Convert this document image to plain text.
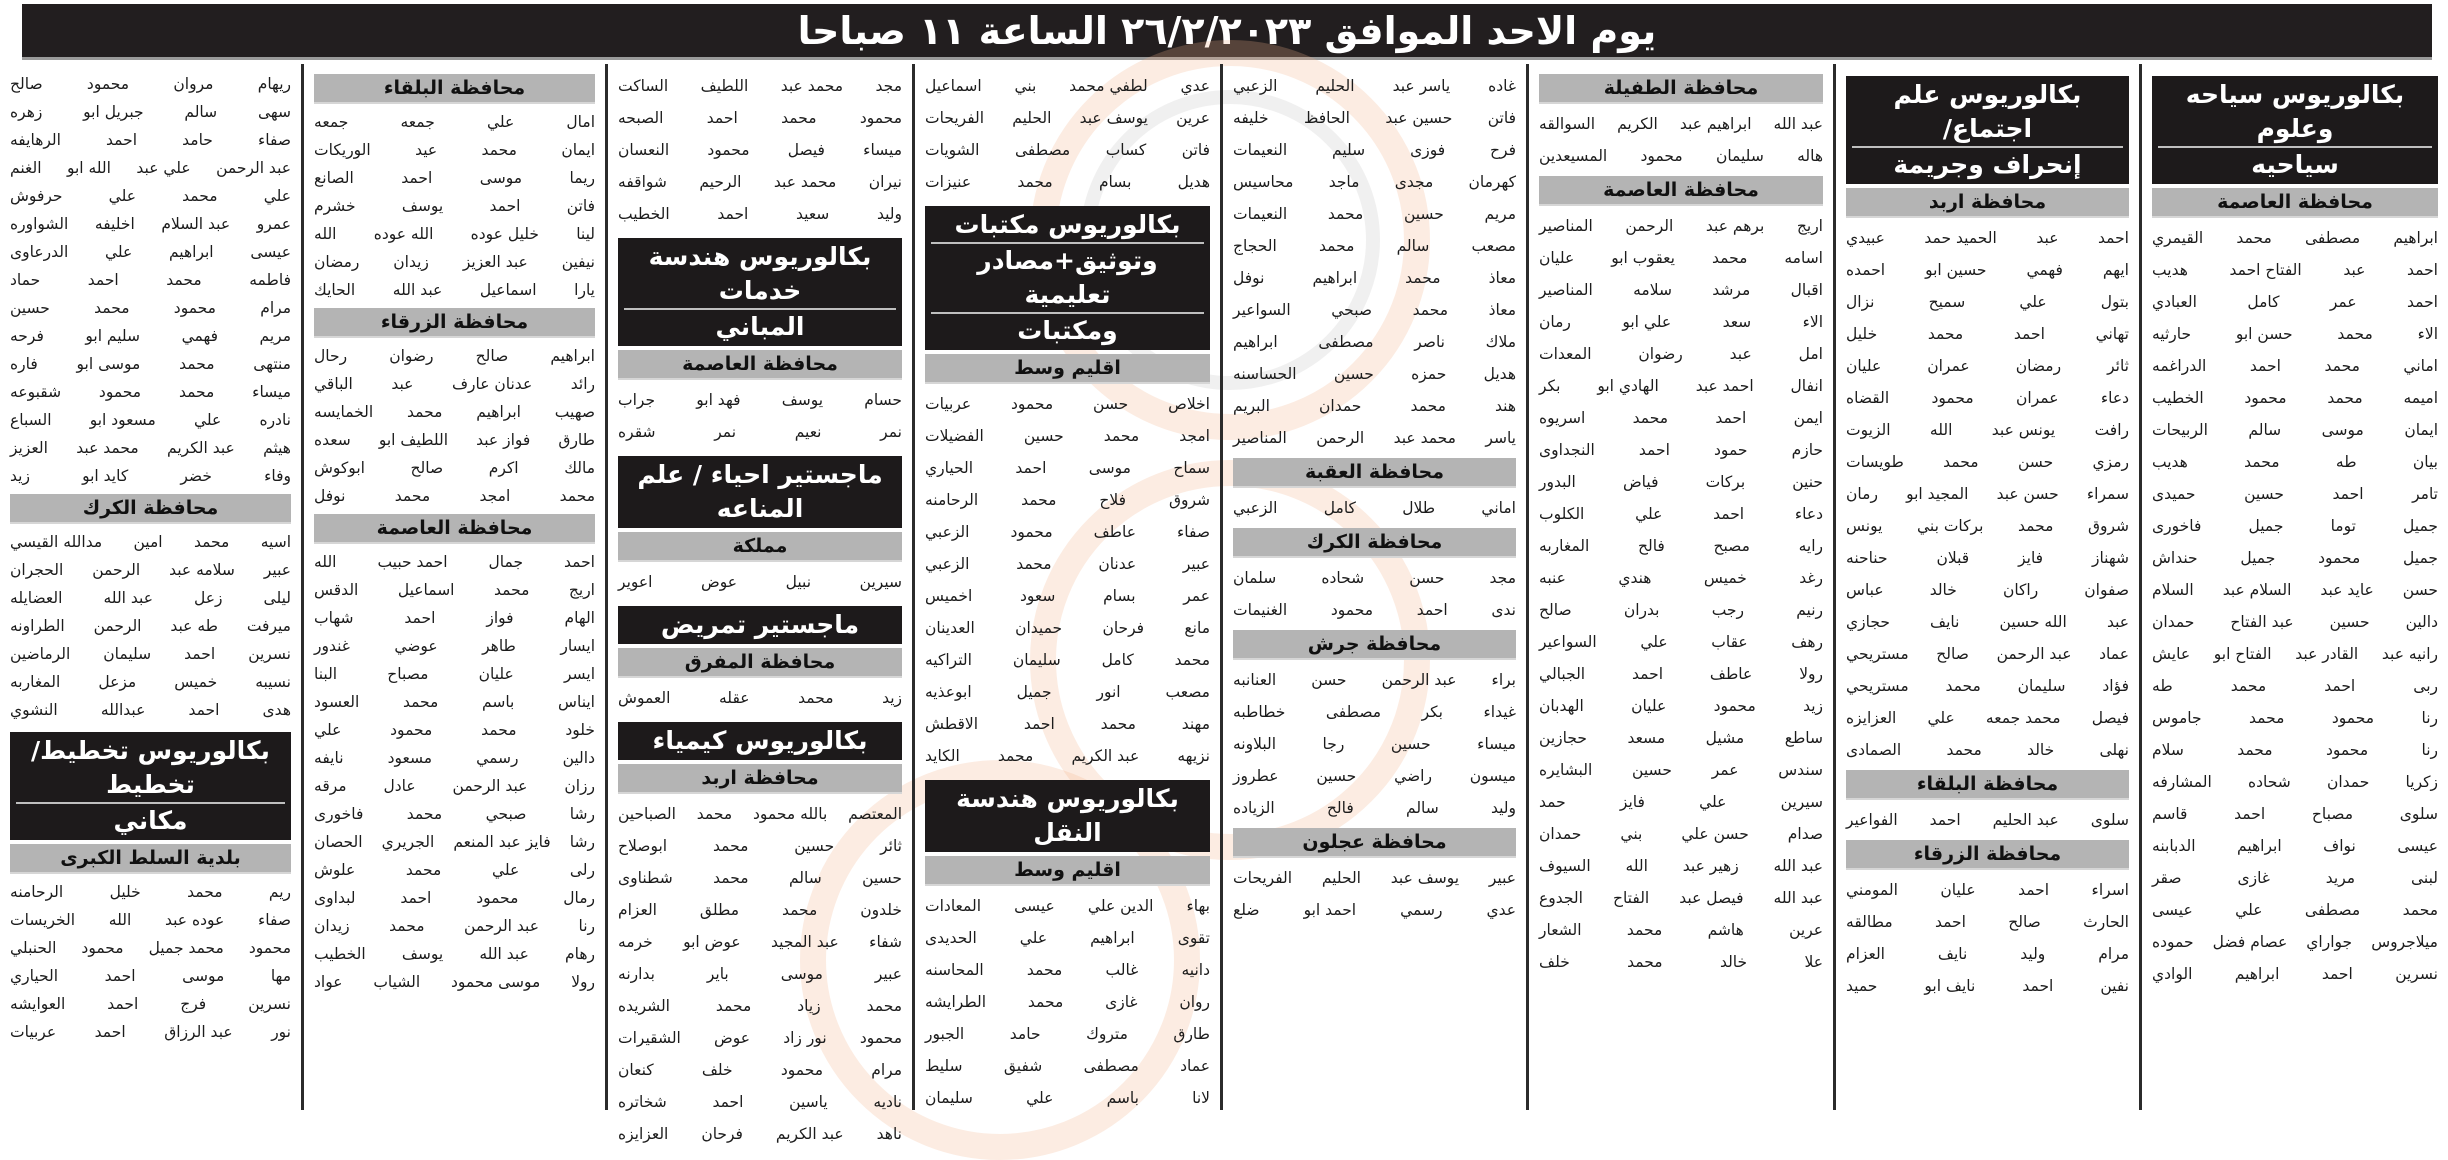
يوم الاحد الموافق ٢٦/٢/٢٠٢٣ الساعة ١١ صباحا
بكالوريوس سياحه وعلوم
سياحيه
محافظة العاصمة
ابراهيم
مصطفى
محمد
القيمري
احمد
عبد
الفتاح احمد
هديب
احمد
عمر
كامل
العبادي
الاء
محمد
حسن ابو
حارثيه
اماني
محمد
احمد
الدراغمه
اميمه
محمد
محمود
الخطيب
ايمان
موسى
سالم
الربيحات
بيان
طه
محمد
هديب
تامر
احمد
حسين
حميدى
جميل
توما
جميل
فاخورى
جميل
محمود
جميل
حنداش
حسن
عايد عبد
السلام عبد
السلام
دالين
حسين
عبد الفتاح
حمدان
رانيه عبد
القادر عبد
الفتاح ابو
عايش
ربى
احمد
محمد
طه
رنا
محمود
محمد
جاموس
رنا
محمود
محمد
سلام
زكريا
حمدان
شحاده
المشارفه
سلوى
مصباح
احمد
قاسم
عيسى
نواف
ابراهيم
الدبابنه
لبنى
مريد
غازى
صقر
محمد
مصطفى
علي
عيسى
ميلاجروس
جواراي
عصام فضل
حموده
نسرين
احمد
ابراهيم
الوادي
بكالوريوس علم اجتماع/
إنحراف وجريمة
محافظة اربد
احمد
عبد
الحميد حمد
عبيدي
ايهم
فهمي
حسين ابو
احمده
بتول
علي
سميح
نزال
تهاني
احمد
محمد
خليل
ثائر
رمضان
عمران
عليان
دعاء
عمران
محمود
القضاه
رافت
يونس عبد
الله
الزيوت
رمزي
حسن
محمد
طويسات
سمراء
حسن عبد
المجيد ابو
رمان
شروق
محمد
بركات بني
يونس
شهناز
فايز
قبلان
حناحنه
صفوان
راكان
خالد
عباس
عبد
الله حسين
نايف
حجازي
عماد
عبد الرحمن
صالح
مستريحي
فؤاد
سليمان
محمد
مستريحي
فيصل
محمد جمعه
علي
العزايزه
نهلى
خالد
محمد
الصمادى
محافظة البلقاء
سلوى
عبد الحليم
احمد
الفواعير
محافظة الزرقاء
اسراء
احمد
عليان
المومني
الحارث
صالح
احمد
مطالقه
مرام
وليد
نايف
العزام
نفين
احمد
نايف ابو
حميد
محافظة الطفيلة
عبد الله
ابراهيم عبد
الكريم
السوالقه
هاله
سليمان
محمود
المسيعدين
محافظة العاصمة
اريج
برهم عبد
الرحمن
المناصير
اسامه
محمد
يعقوب ابو
عليان
اقبال
مرشد
سلامه
المناصير
الاء
سعد
علي ابو
رمان
امل
عبد
رضوان
المعدات
انفال
احمد عبد
الهادي ابو
بكر
ايمن
احمد
محمد
اسريوه
حازم
حمود
احمد
النجداوى
حنين
بركات
فياض
البدور
دعاء
احمد
علي
الكلوب
رايه
مصبح
فالح
المغاربه
رغد
خميس
هندي
عنبه
رنيم
رجب
بدران
صالح
رهف
عقاب
علي
السواعير
رولا
عاطف
احمد
الجبالي
زيد
محمود
عليان
الهدبان
ساطع
مشيل
مسعد
حجازين
سندس
عمر
حسين
البشايره
سيرين
علي
فايز
حمد
صدام
حسن علي
بني
حمدان
عبد الله
زهير عبد
الله
السيوف
عبد الله
فيصل عبد
الفتاح
الجدوع
عرين
هاشم
محمد
الشعار
علا
خالد
محمد
خلف
غاده
ياسر عبد
الحليم
الزعبي
فاتن
حسين عبد
الحافظ
خليفه
فرح
فوزى
سليم
النعيمات
كهرمان
مجدى
ماجد
محاسيس
مريم
حسين
محمد
النعيمات
مصعب
سالم
محمد
الحجاج
معاذ
محمد
ابراهيم
نوفل
معاذ
محمد
صبحي
السواعير
ملاك
ناصر
مصطفى
ابراهيم
هديل
حمزه
حسين
الحساسنه
هند
محمد
حمدان
البريم
ياسر
محمد عبد
الرحمن
المناصير
محافظة العقبة
اماني
طلال
كامل
الزعبي
محافظة الكرك
مجد
حسن
شحاده
سلمان
ندى
احمد
محمود
الغنيمات
محافظة جرش
براء
عبد الرحمن
حسن
العنانبه
غيداء
بكر
مصطفى
خطاطبه
ميساء
حسين
رجا
البلاونه
ميسون
راضي
حسين
عطروز
وليد
سالم
فالح
الزياده
محافظة عجلون
عبير
يوسف عبد
الحليم
الفريحات
عدي
رسمي
احمد ابو
ضلع
عدي
لطفي محمد
بني
اسماعيل
عرين
يوسف عبد
الحليم
الفريحات
فاتن
كساب
مصطفى
الشويات
هديل
بسام
محمد
عنيزات
بكالوريوس مكتبات
وتوثيق+مصادر تعليمية
ومكتبات
اقليم وسط
اخلاص
حسن
محمود
عربيات
امجد
محمد
حسين
الفضيلات
سماح
موسى
احمد
الحياري
شروق
فلاح
محمد
الرحامنه
صفاء
عاطف
محمود
الزعبي
عبير
عدنان
محمد
الزعبي
عمر
بسام
سعود
اخميس
مانع
فرحان
حميدان
العدينان
محمد
كامل
سليمان
التراكيه
مصعب
انور
جميل
ابوعذيه
مهند
محمد
احمد
الاقطش
نزيهه
عبد الكريم
محمد
الكايد
بكالوريوس هندسة النقل
اقليم وسط
بهاء
الدين علي
عيسى
المعادات
تقوى
ابراهيم
علي
الحديدى
دانيه
غالب
محمد
المحاسنه
روان
غازى
محمد
الطرايشه
طارق
متروك
حامد
الجبور
عماد
مصطفى
شفيق
سليط
لانا
باسم
علي
سليمان
مجد
محمد عبد
اللطيف
الساكت
محمود
محمد
احمد
الصبحه
ميساء
فيصل
محمود
النعسان
نيران
محمد عبد
الرحيم
شواقفه
وليد
سعيد
احمد
الخطيب
بكالوريوس هندسة خدمات
المباني
محافظة العاصمة
حسام
يوسف
فهد ابو
جراب
نمر
نعيم
نمر
شقره
ماجستير احياء / علم المناعه
مملكة
سيرين
نبيل
عوض
اعوير
ماجستير تمريض
محافظة المفرق
زيد
محمد
عقله
العموش
بكالوريوس كيمياء
محافظة اربد
المعتصم
بالله محمود
محمد
الصباحين
ثائر
حسين
محمد
ابوصلاح
حسين
سالم
محمد
شطناوى
خلدون
محمد
مطلق
العزام
شفاء
عبد المجيد
عوض ابو
خرمه
عبير
موسى
باير
بدارنه
محمد
زياد
محمد
الشريده
محمود
نور زاد
عوض
الشقيرات
مرام
محمود
خلف
كنعان
ناديه
ياسين
احمد
شخاتره
ناهد
عبد الكريم
فرحان
العزايزه
محافظة البلقاء
امال
علي
جمعه
جمعه
ايمان
محمد
عيد
الوريكات
ريما
موسى
احمد
الصانع
فاتن
احمد
يوسف
خشرم
لينا
خليل عوده
الله عوده
الله
نيفين
عبد العزيز
زيدان
رمضان
يارا
اسماعيل
عبد الله
الحايك
محافظة الزرقاء
ابراهيم
صالح
رضوان
رحال
رائد
عدنان عارف
عبد
الباقي
صهيب
ابراهيم
محمد
الخمايسه
طارق
فواز عبد
اللطيف ابو
سعده
مالك
اكرم
صالح
ابوكوش
محمد
امجد
محمد
نوفل
محافظة العاصمة
احمد
جمال
احمد حبيب
الله
اريج
محمد
اسماعيل
الدقس
الهام
فواز
احمد
شهاب
ايسار
طاهر
عوضي
غندور
ايسر
عليان
مصباح
البنا
ايناس
باسم
محمد
العسود
خلود
محمد
محمود
علي
دالين
رسمي
مسعود
نايفه
رزان
عبد الرحمن
عادل
مرقه
رشا
صبحي
محمد
فاخورى
رشا
فايز عبد المنعم
الجريري
الحصان
رلى
علي
محمد
علوش
رمال
محمود
احمد
لبداوى
رنا
عبد الرحمن
محمد
زيدان
رهام
عبد الله
يوسف
الخطيب
رولا
موسى محمود
الشياب
عواد
ريهام
مروان
محمود
صالح
سهى
سالم
جبريل ابو
زهره
صفاء
حامد
احمد
الرهايفه
عبد الرحمن
علي عبد
الله ابو
الغنم
علي
محمد
علي
حرفوش
عمرو
عبد السلام
اخليفه
الشواوره
عيسى
ابراهيم
علي
الدرعاوى
فاطمه
محمد
احمد
حماد
مرام
محمود
محمد
حسين
مريم
فهمي
سليم ابو
فرحه
منتهى
محمد
موسى ابو
فاره
ميساء
محمد
محمود
شقبوعه
نادره
علي
مسعود ابو
السباع
هيثم
عبد الكريم
محمد عبد
العزيز
وفاء
خضر
كايد ابو
زيد
محافظة الكرك
اسيه
محمد
امين
مدالله القيسي
عبير
سلامه عبد
الرحمن
الحجران
ليلى
زعل
عبد الله
العضايله
ميرفت
طه عبد
الرحمن
الطراونه
نسرين
احمد
سليمان
الرماضين
نسيبه
خميس
مزعل
المغاربه
هدى
احمد
عبدالله
النشوي
بكالوريوس تخطيط/تخطيط
مكاني
بلدية السلط الكبرى
ريم
محمد
خليل
الرحامنه
صفاء
عوده عبد
الله
الخريسات
محمود
محمد جميل
محمود
الحنبلي
مها
موسى
احمد
الحياري
نسرين
فرج
احمد
العوايشه
نور
عبد الرزاق
احمد
عربيات
